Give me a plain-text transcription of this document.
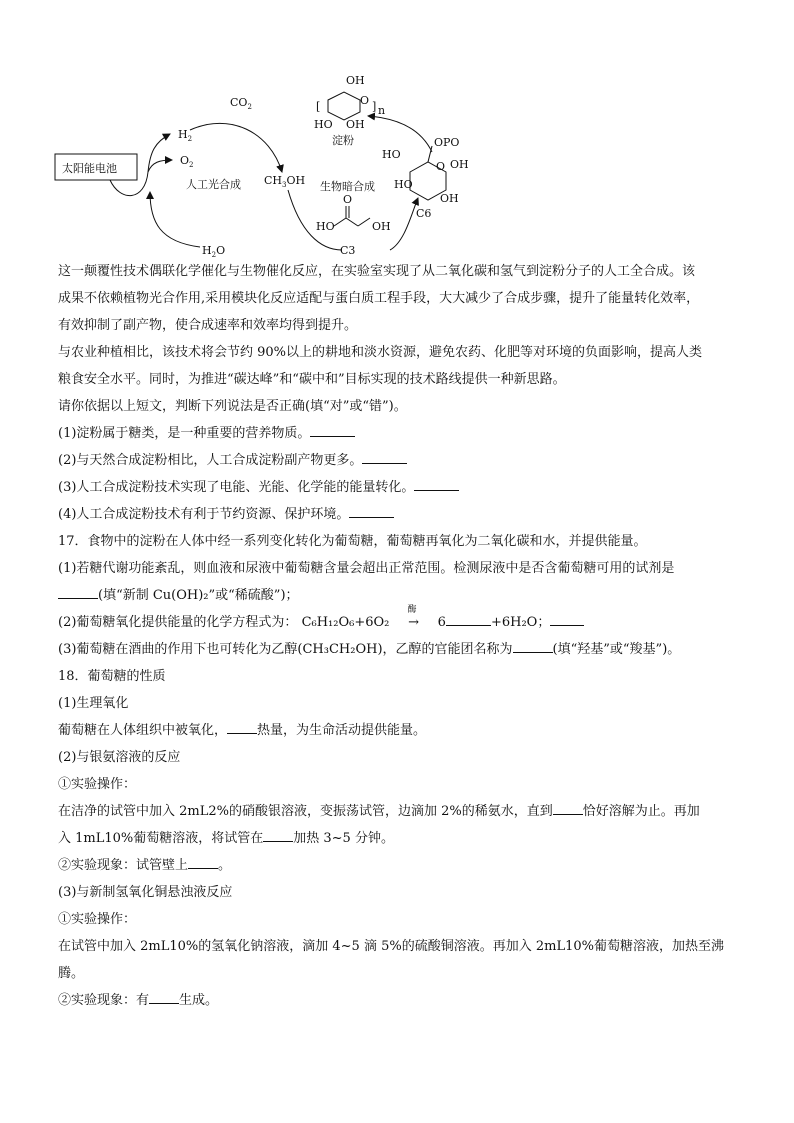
太阳能电池
$CO_2$
$H_2$
$O_2$
人工光合成 $CH_3OH$ 生物暗合成
$H_2O$
HO
O
OH
C3
O
OPO
HO
OH
HO
OH
C6
[
OH
O
HO OH
] n
淀粉
这一颠覆性技术偶联化学催化与生物催化反应，在实验室实现了从二氧化碳和氢气到淀粉分子的人工全合成。该
成果不依赖植物光合作用,采用模块化反应适配与蛋白质工程手段，大大减少了合成步骤，提升了能量转化效率，
有效抑制了副产物，使合成速率和效率均得到提升。
与农业种植相比，该技术将会节约 90%以上的耕地和淡水资源，避免农药、化肥等对环境的负面影响，提高人类
粮食安全水平。同时，为推进“碳达峰”和“碳中和”目标实现的技术路线提供一种新思路。
请你依据以上短文，判断下列说法是否正确(填“对”或“错”)。
(1)淀粉属于糖类，是一种重要的营养物质。
(2)与天然合成淀粉相比，人工合成淀粉副产物更多。
(3)人工合成淀粉技术实现了电能、光能、化学能的能量转化。
(4)人工合成淀粉技术有利于节约资源、保护环境。
17．食物中的淀粉在人体中经一系列变化转化为葡萄糖，葡萄糖再氧化为二氧化碳和水，并提供能量。
(1)若糖代谢功能紊乱，则血液和尿液中葡萄糖含量会超出正常范围。检测尿液中是否含葡萄糖可用的试剂是
(填“新制 Cu(OH)₂”或“稀硫酸”)；
(2)葡萄糖氧化提供能量的化学方程式为： C₆H₁₂O₆+6O₂
酶
→ 6	+6H₂O；
(3)葡萄糖在酒曲的作用下也可转化为乙醇(CH₃CH₂OH)，乙醇的官能团名称为	(填“羟基”或“羧基”)。
18．葡萄糖的性质
(1)生理氧化
葡萄糖在人体组织中被氧化， 热量，为生命活动提供能量。
(2)与银氨溶液的反应
①实验操作：
在洁净的试管中加入 2mL2%的硝酸银溶液，变振荡试管，边滴加 2%的稀氨水，直到 恰好溶解为止。再加
入 1mL10%葡萄糖溶液，将试管在 加热 3~5 分钟。
②实验现象：试管壁上 。
(3)与新制氢氧化铜悬浊液反应
①实验操作：
在试管中加入 2mL10%的氢氧化钠溶液，滴加 4~5 滴 5%的硫酸铜溶液。再加入 2mL10%葡萄糖溶液，加热至沸
腾。
②实验现象：有 生成。
